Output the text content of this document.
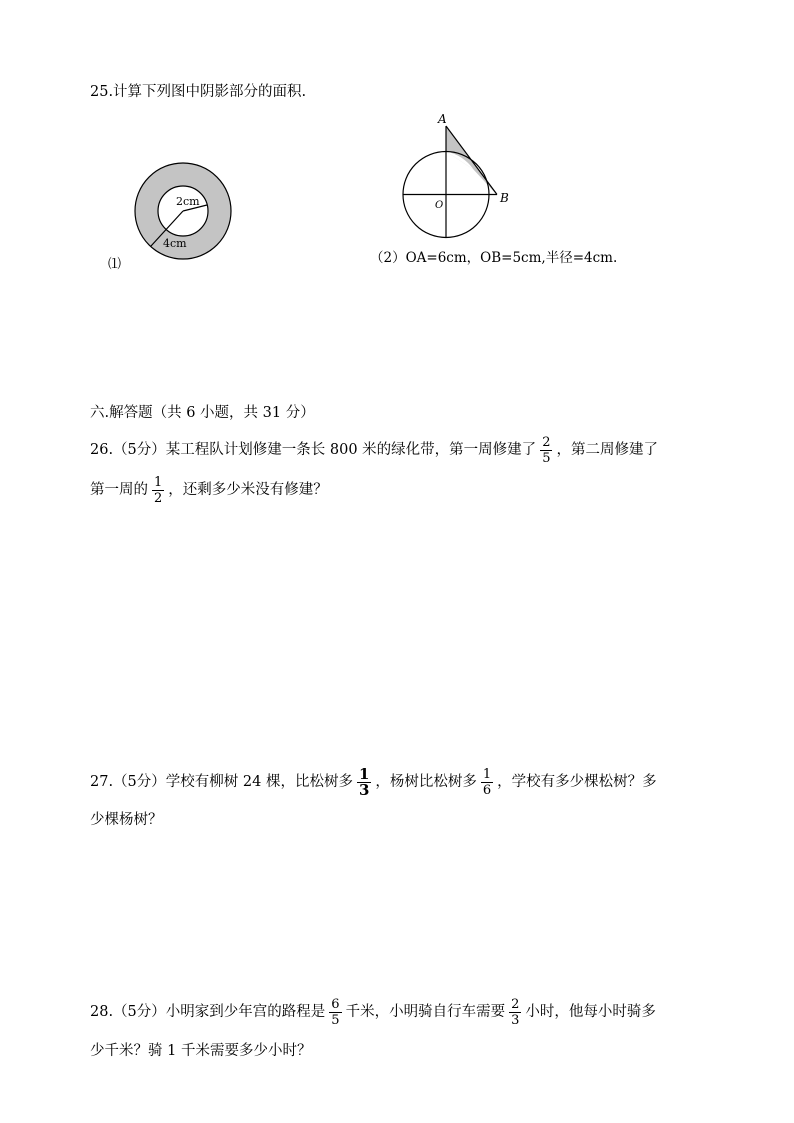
25.计算下列图中阴影部分的面积.
2cm
4cm
⑴
A
B
O
（2）OA=6cm，OB=5cm,半径=4cm.
六.解答题（共 6 小题，共 31 分）
26.（5分）某工程队计划修建一条长 800 米的绿化带，第一周修建了 $\frac{2}{5}$ ，第二周修建了
第一周的 $\frac{1}{2}$ ，还剩多少米没有修建？
27.（5分）学校有柳树 24 棵，比松树多 $\frac{1}{3}$ ，杨树比松树多 $\frac{1}{6}$ ，学校有多少棵松树？多
少棵杨树？
28.（5分）小明家到少年宫的路程是 $\frac{6}{5}$ 千米，小明骑自行车需要 $\frac{2}{3}$ 小时，他每小时骑多
少千米？骑 1 千米需要多少小时？
